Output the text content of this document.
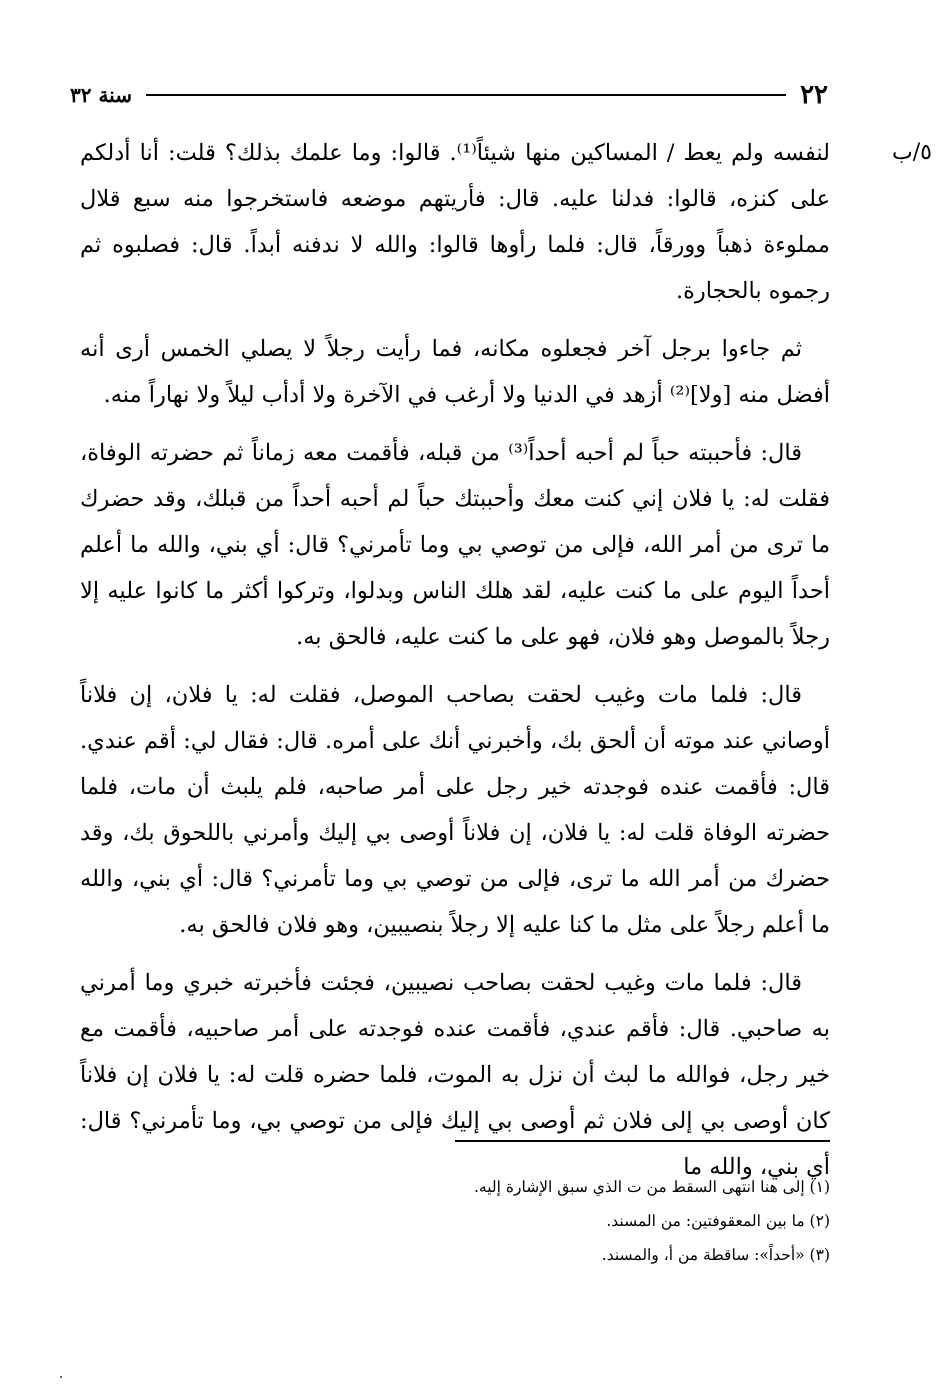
٢٢
سنة ٣٢
٥/ب

لنفسه ولم يعط / المساكين منها شيئاً⁽¹⁾. قالوا: وما علمك بذلك؟ قلت: أنا أدلكم على كنزه، قالوا: فدلنا عليه. قال: فأريتهم موضعه فاستخرجوا منه سبع قلال مملوءة ذهباً وورقاً، قال: فلما رأوها قالوا: والله لا ندفنه أبداً. قال: فصلبوه ثم رجموه بالحجارة.

ثم جاءوا برجل آخر فجعلوه مكانه، فما رأيت رجلاً لا يصلي الخمس أرى أنه أفضل منه [ولا]⁽²⁾ أزهد في الدنيا ولا أرغب في الآخرة ولا أدأب ليلاً ولا نهاراً منه.

قال: فأحببته حباً لم أحبه أحداً⁽³⁾ من قبله، فأقمت معه زماناً ثم حضرته الوفاة، فقلت له: يا فلان إني كنت معك وأحببتك حباً لم أحبه أحداً من قبلك، وقد حضرك ما ترى من أمر الله، فإلى من توصي بي وما تأمرني؟ قال: أي بني، والله ما أعلم أحداً اليوم على ما كنت عليه، لقد هلك الناس وبدلوا، وتركوا أكثر ما كانوا عليه إلا رجلاً بالموصل وهو فلان، فهو على ما كنت عليه، فالحق به.

قال: فلما مات وغيب لحقت بصاحب الموصل، فقلت له: يا فلان، إن فلاناً أوصاني عند موته أن ألحق بك، وأخبرني أنك على أمره. قال: فقال لي: أقم عندي. قال: فأقمت عنده فوجدته خير رجل على أمر صاحبه، فلم يلبث أن مات، فلما حضرته الوفاة قلت له: يا فلان، إن فلاناً أوصى بي إليك وأمرني باللحوق بك، وقد حضرك من أمر الله ما ترى، فإلى من توصي بي وما تأمرني؟ قال: أي بني، والله ما أعلم رجلاً على مثل ما كنا عليه إلا رجلاً بنصيبين، وهو فلان فالحق به.

قال: فلما مات وغيب لحقت بصاحب نصيبين، فجئت فأخبرته خبري وما أمرني به صاحبي. قال: فأقم عندي، فأقمت عنده فوجدته على أمر صاحبيه، فأقمت مع خير رجل، فوالله ما لبث أن نزل به الموت، فلما حضره قلت له: يا فلان إن فلاناً كان أوصى بي إلى فلان ثم أوصى بي إليك فإلى من توصي بي، وما تأمرني؟ قال: أي بني، والله ما

(١) إلى هنا انتهى السقط من ت الذي سبق الإشارة إليه.

(٢) ما بين المعقوفتين: من المسند.

(٣) «أحداً»: ساقطة من أ، والمسند.
